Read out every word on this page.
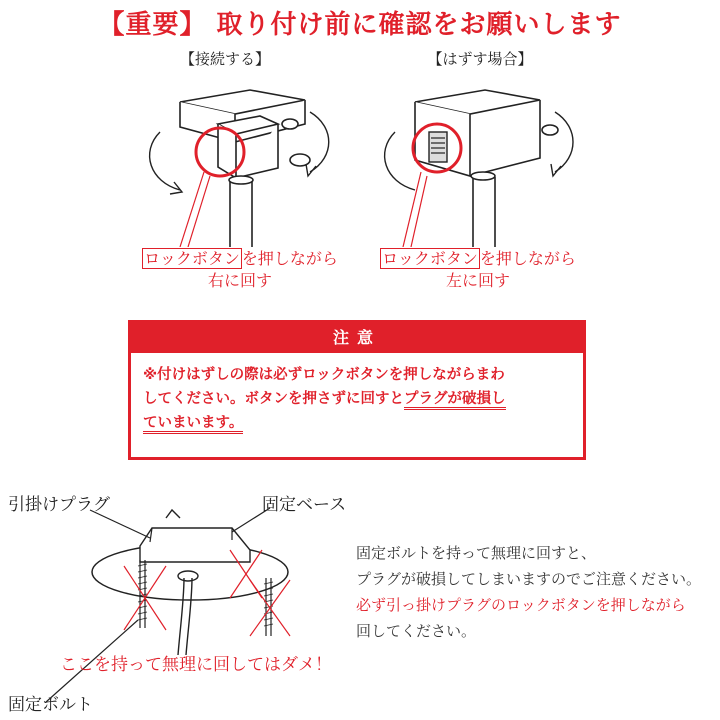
【重要】 取り付け前に確認をお願いします
【接続する】	【はずす場合】
ロックボタン を押しながら
右に回す
ロックボタン を押しながら
左に回す
注意
※付けはずしの際は必ずロックボタンを押しながらまわ
してください。ボタンを押さずに回すとプラグが破損し
ていまいます。
引掛けプラグ	固定ベース
固定ボルト
ここを持って無理に回してはダメ！
固定ボルトを持って無理に回すと、
プラグが破損してしまいますのでご注意ください。
必ず引っ掛けプラグのロックボタンを押しながら
回してください。
